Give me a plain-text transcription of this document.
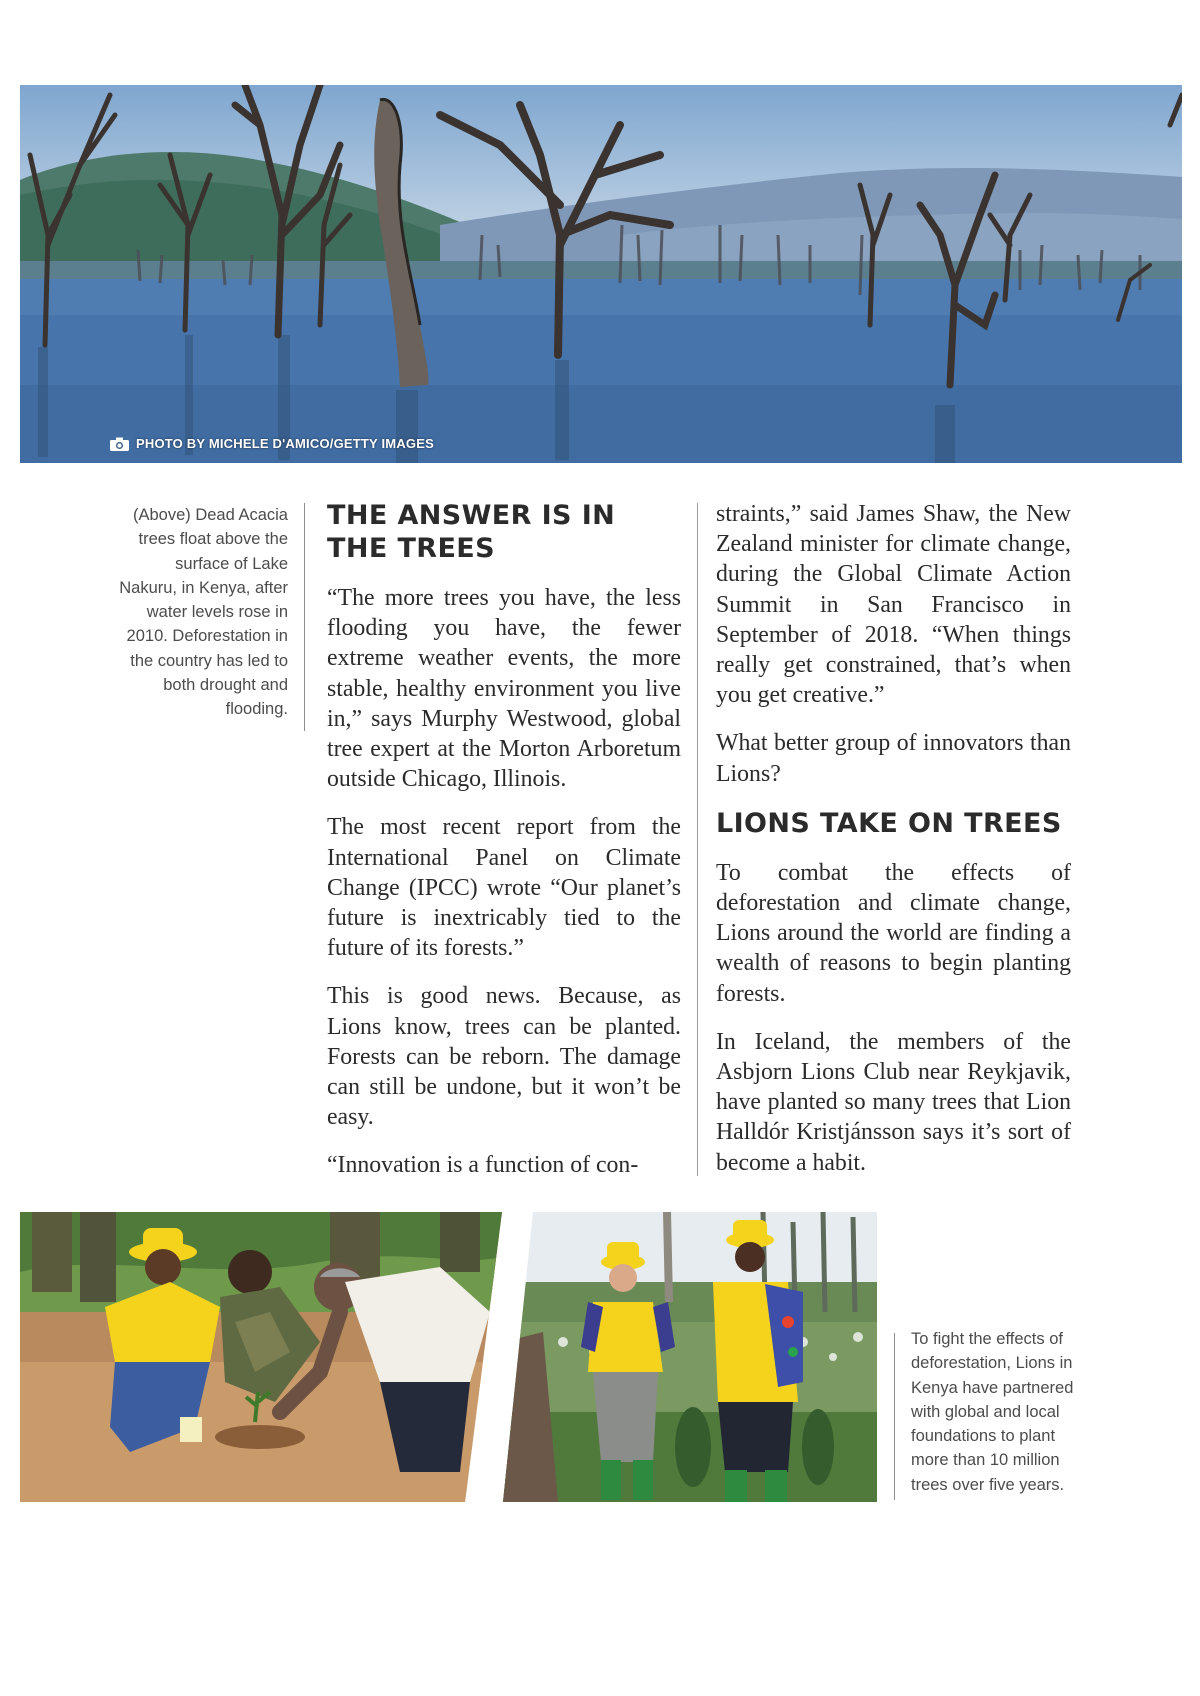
PHOTO BY MICHELE D'AMICO/GETTY IMAGES
(Above) Dead Acacia trees float above the surface of Lake Nakuru, in Kenya, after water levels rose in 2010. Deforestation in the country has led to both drought and flooding.
THE ANSWER IS IN THE TREES

“The more trees you have, the less flooding you have, the fewer extreme weather events, the more stable, healthy environment you live in,” says Murphy Westwood, global tree expert at the Morton Arboretum outside Chicago, Illinois.

The most recent report from the International Panel on Climate Change (IPCC) wrote “Our planet’s future is inextricably tied to the future of its forests.”

This is good news. Because, as Lions know, trees can be planted. Forests can be reborn. The damage can still be undone, but it won’t be easy.

“Innovation is a function of con-

straints,” said James Shaw, the New Zealand minister for climate change, during the Global Climate Action Summit in San Francisco in September of 2018. “When things really get constrained, that’s when you get creative.”

What better group of innovators than Lions?

LIONS TAKE ON TREES

To combat the effects of deforestation and climate change, Lions around the world are finding a wealth of reasons to begin planting forests.

In Iceland, the members of the Asbjorn Lions Club near Reykjavik, have planted so many trees that Lion Halldór Kristjánsson says it’s sort of become a habit.

To fight the effects of deforestation, Lions in Kenya have partnered with global and local foundations to plant more than 10 million trees over five years.
